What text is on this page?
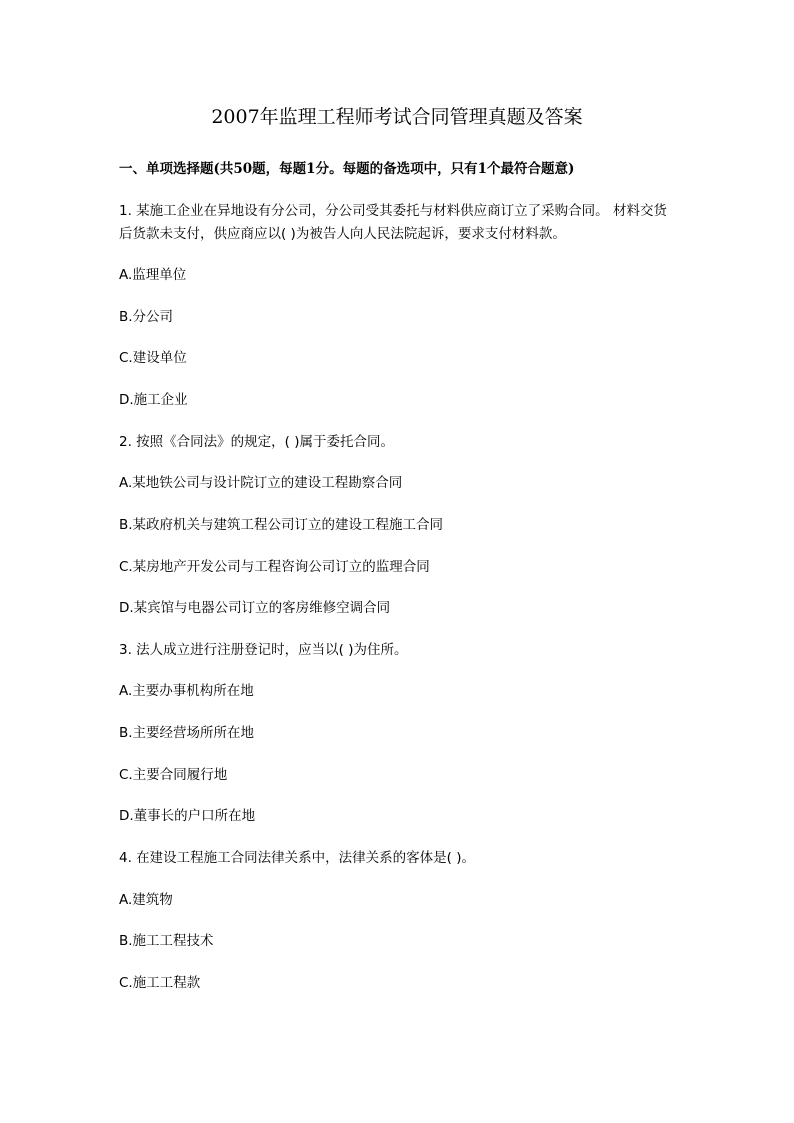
2007年监理工程师考试合同管理真题及答案

一、单项选择题(共50题，每题1分。每题的备选项中，只有1个最符合题意)

1. 某施工企业在异地设有分公司，分公司受其委托与材料供应商订立了采购合同。 材料交货后货款未支付，供应商应以( )为被告人向人民法院起诉，要求支付材料款。

A.监理单位

B.分公司

C.建设单位

D.施工企业

2. 按照《合同法》的规定，( )属于委托合同。

A.某地铁公司与设计院订立的建设工程勘察合同

B.某政府机关与建筑工程公司订立的建设工程施工合同

C.某房地产开发公司与工程咨询公司订立的监理合同

D.某宾馆与电器公司订立的客房维修空调合同

3. 法人成立进行注册登记时，应当以( )为住所。

A.主要办事机构所在地

B.主要经营场所所在地

C.主要合同履行地

D.董事长的户口所在地

4. 在建设工程施工合同法律关系中，法律关系的客体是( )。

A.建筑物

B.施工工程技术

C.施工工程款
